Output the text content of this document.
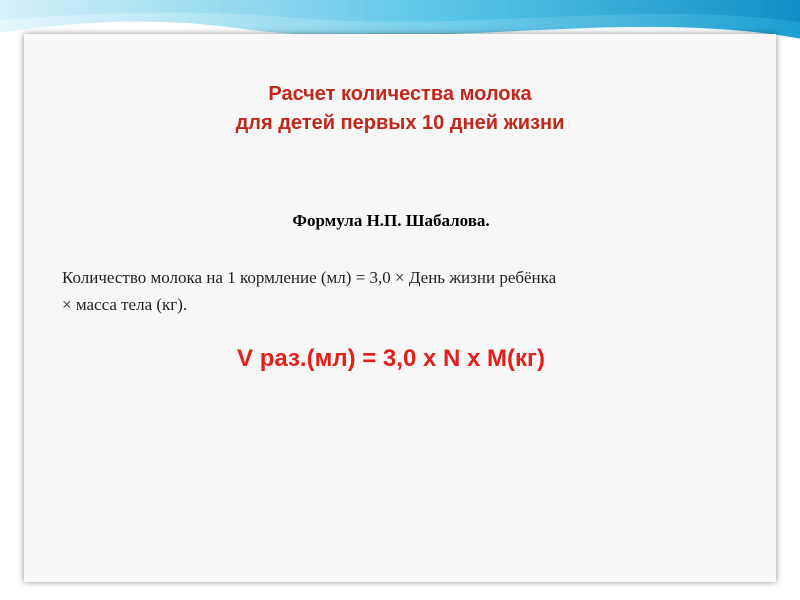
Расчет количества молока
для детей первых 10 дней жизни
Формула Н.П. Шабалова.
Количество молока на 1 кормление (мл) = 3,0 × День жизни ребёнка
× масса тела (кг).
V раз.(мл) = 3,0 х N х M(кг)
